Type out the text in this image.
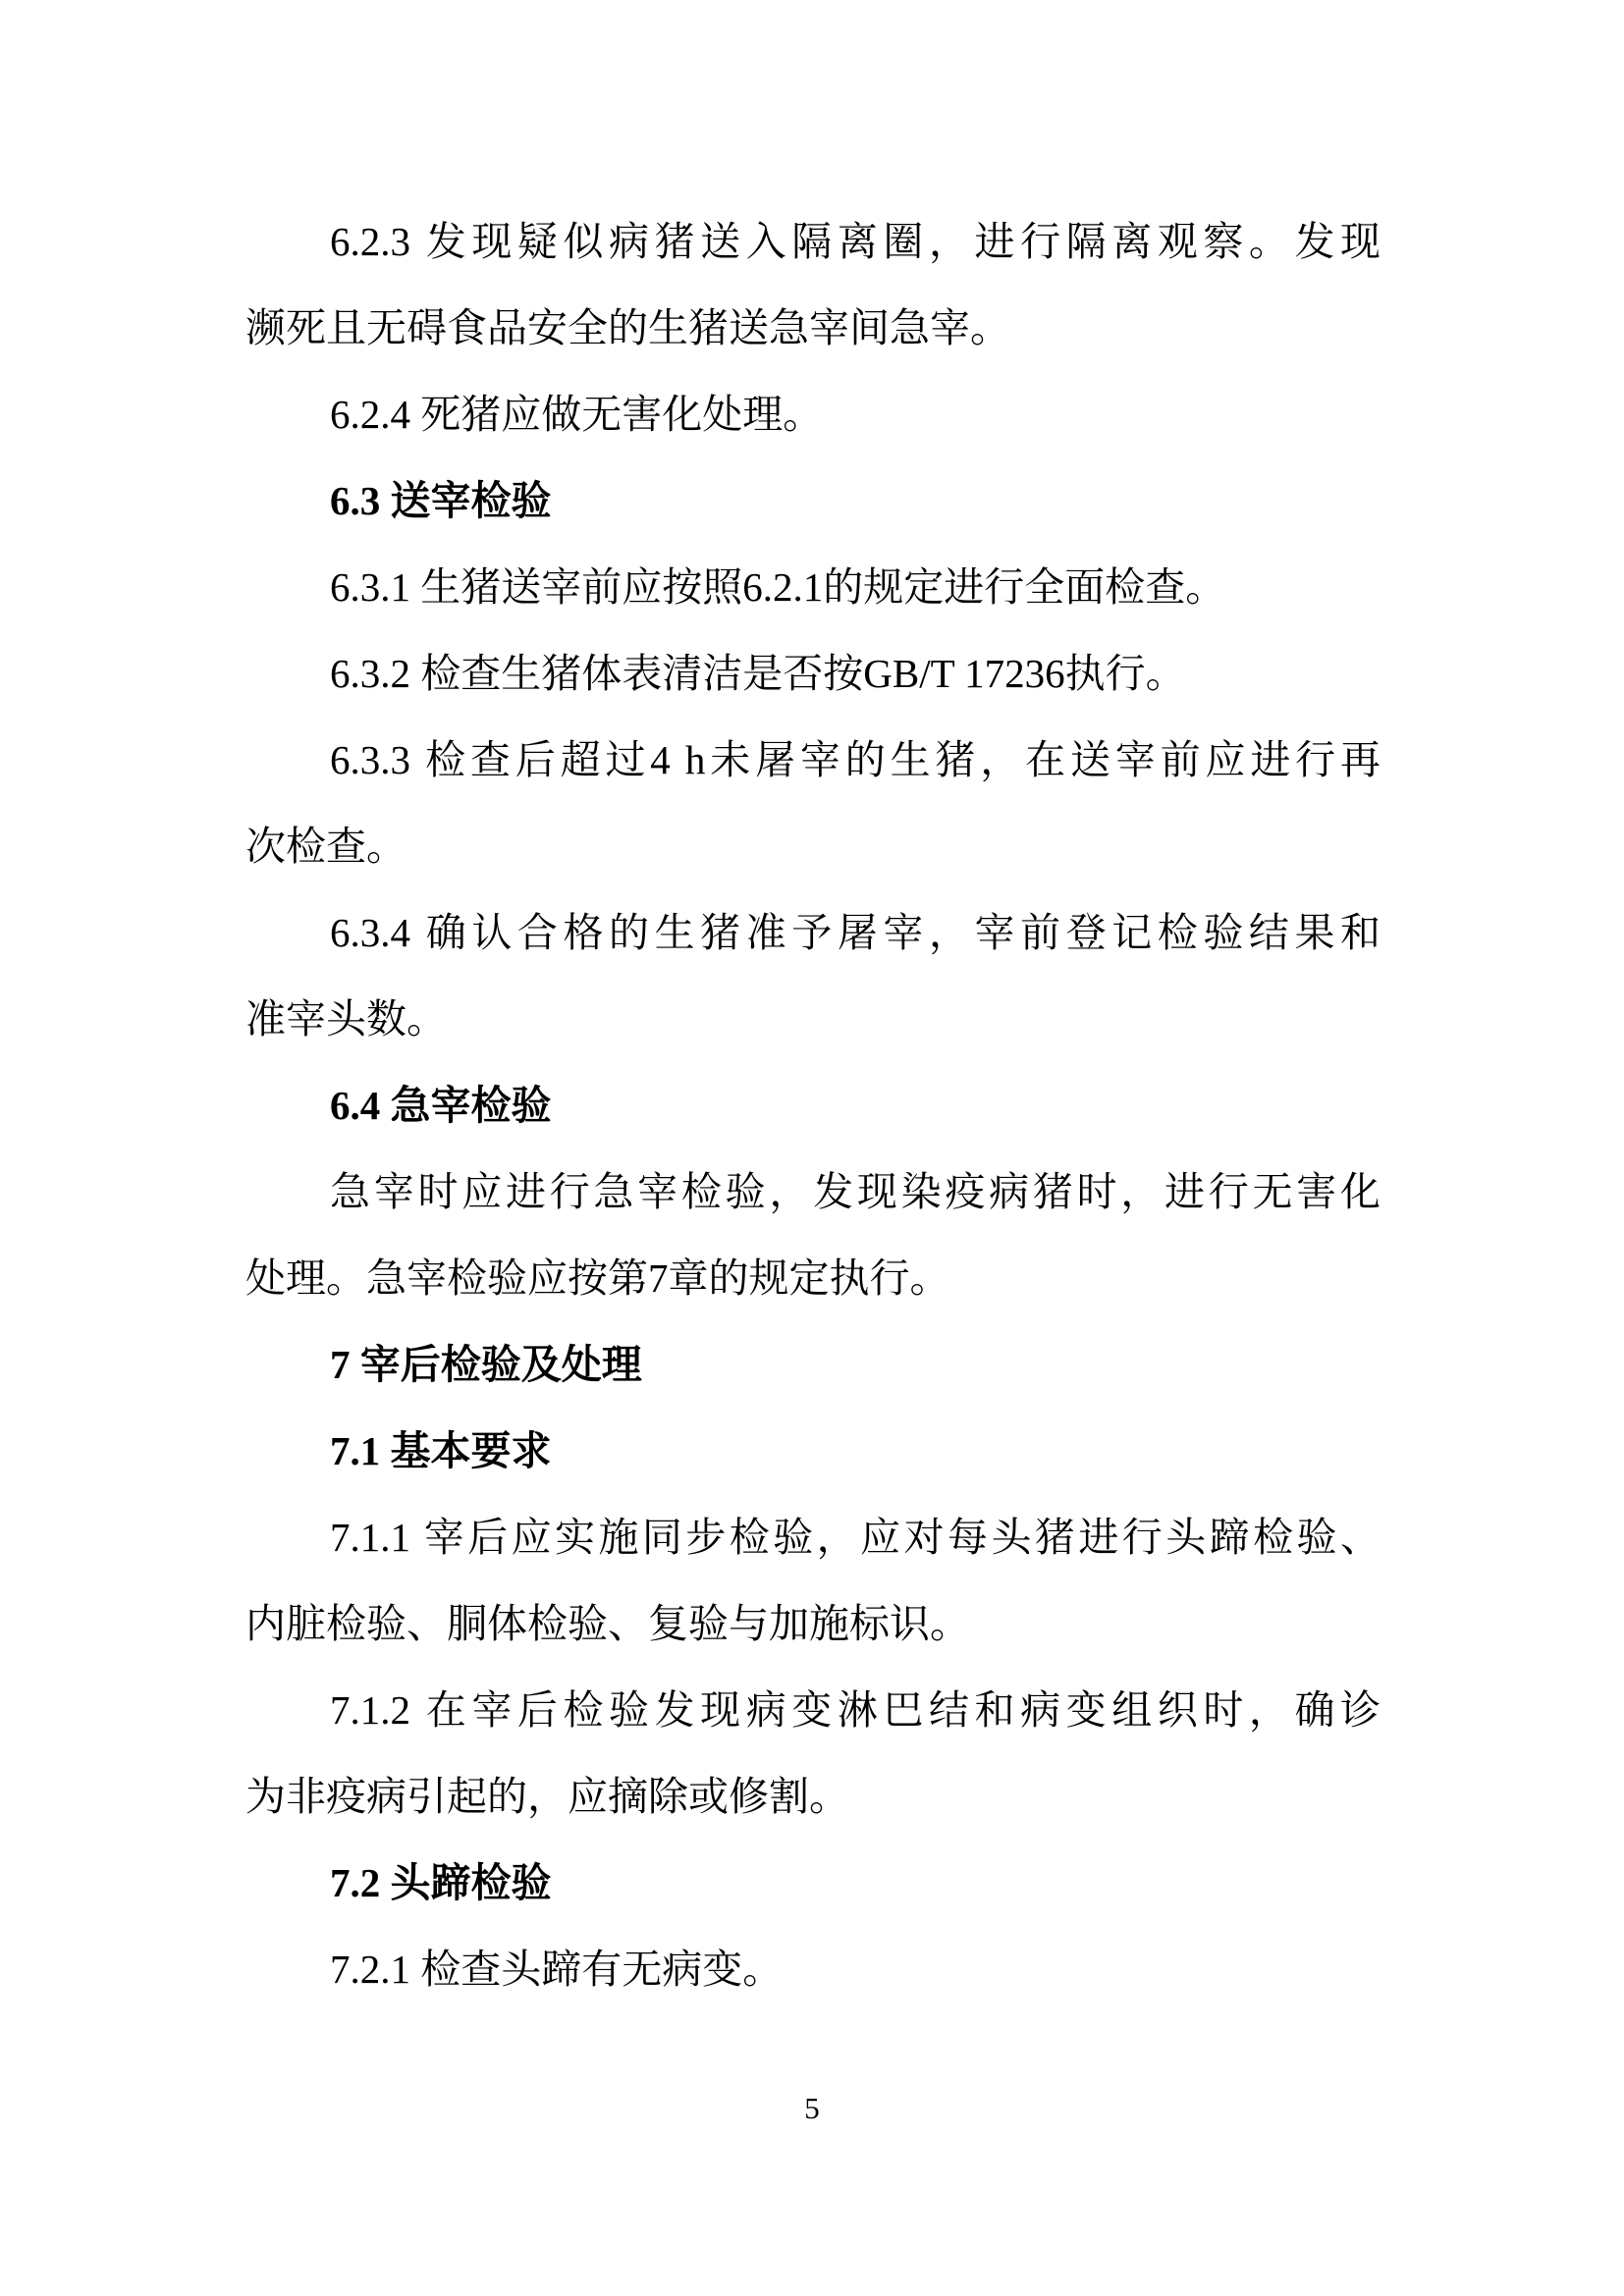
6.2.3 发现疑似病猪送入隔离圈，进行隔离观察。发现
濒死且无碍食品安全的生猪送急宰间急宰。
6.2.4 死猪应做无害化处理。
6.3 送宰检验
6.3.1 生猪送宰前应按照6.2.1的规定进行全面检查。
6.3.2 检查生猪体表清洁是否按GB/T 17236执行。
6.3.3 检查后超过4 h未屠宰的生猪，在送宰前应进行再
次检查。
6.3.4 确认合格的生猪准予屠宰，宰前登记检验结果和
准宰头数。
6.4 急宰检验
急宰时应进行急宰检验，发现染疫病猪时，进行无害化
处理。急宰检验应按第7章的规定执行。
7 宰后检验及处理
7.1 基本要求
7.1.1 宰后应实施同步检验，应对每头猪进行头蹄检验、
内脏检验、胴体检验、复验与加施标识。
7.1.2 在宰后检验发现病变淋巴结和病变组织时，确诊
为非疫病引起的，应摘除或修割。
7.2 头蹄检验
7.2.1 检查头蹄有无病变。
5
